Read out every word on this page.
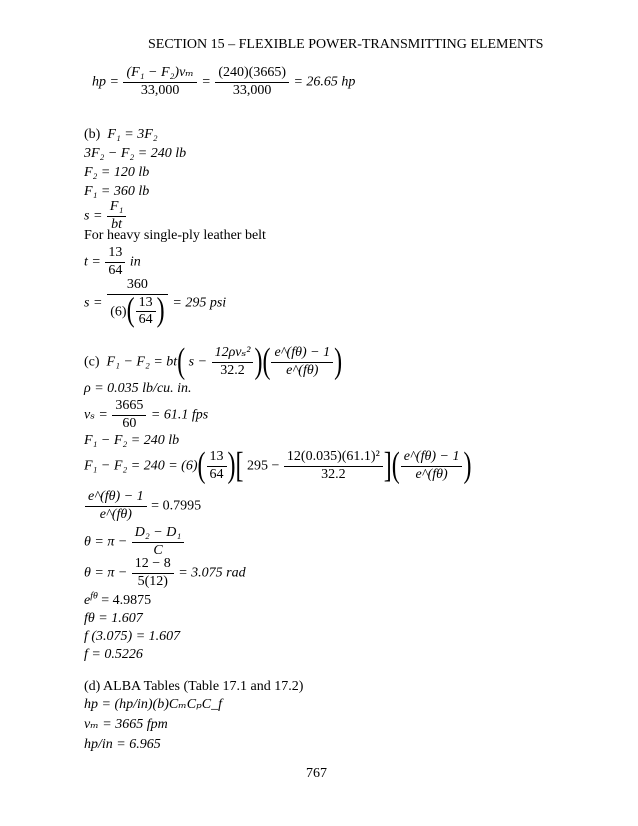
SECTION 15 – FLEXIBLE POWER-TRANSMITTING ELEMENTS
hp = $\frac{\text{(F₁ − F₂)vₘ}}{33,000} = \frac{(240)(3665)}{33,000} = 26.65$ hp
(b) F₁ = 3F₂
3F₂ − F₂ = 240 lb
F₂ = 120 lb
F₁ = 360 lb
$s = \frac{\text{F₁}}{bt}$
For heavy single-ply leather belt
$t = \frac{13}{64}$ in
$s = \frac{360}{(6)( \frac{13}{64} )} = 295$ psi
(c) F₁ − F₂ = bt( $s - \frac{\text{12ρvₛ²}}{32.2}$ )( $\frac{e\^{}(f\theta) - 1}{e\^{}(f\theta)}$ )
ρ = 0.035 lb/cu. in.
$v_s = \frac{3665}{60} = 61.1$ fps
F₁ − F₂ = 240 lb
$F_1 - F_2 = 240 = (6)( \frac{13}{64}$ )[ $295 - \frac{\text{12(0.035)(61.1)²}}{32.2}$ ]( $\frac{e\^{}(f\theta) - 1}{e\^{}(f\theta)}$ )
$\frac{e\^{}(f\theta) - 1}{e\^{}(f\theta)} = 0.7995$
$\theta = \pi - \frac{\text{D₂ − D₁}}{C}$
$\theta = \pi - \frac{12 - 8}{5(12)} = 3.075$ rad
$e^{f\theta} = 4.9875$
fθ = 1.607
f (3.075) = 1.607
f = 0.5226
(d) ALBA Tables (Table 17.1 and 17.2)
hp = (hp/in)(b)CₘCₚC_f
vₘ = 3665 fpm
hp/in = 6.965
767
